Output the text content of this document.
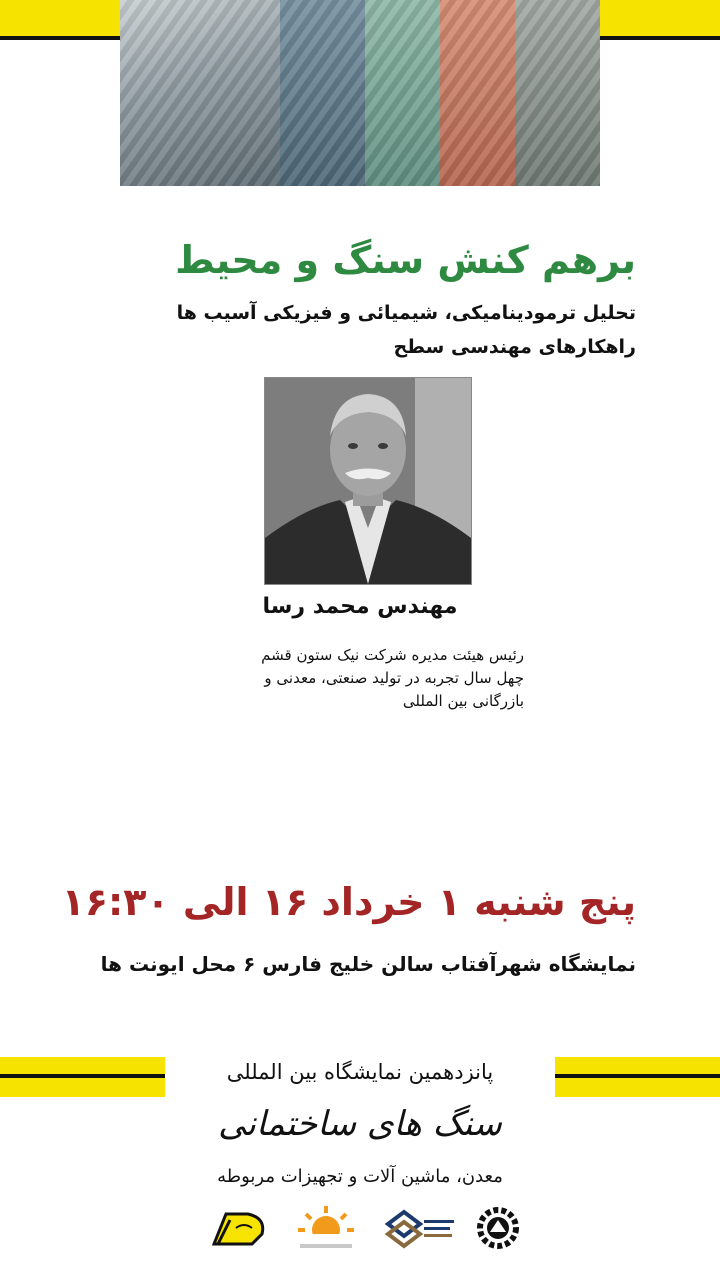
برهم کنش سنگ و محیط
تحلیل ترمودینامیکی، شیمیائی و فیزیکی آسیب ها
راهکارهای مهندسی سطح
مهندس محمد رسا
رئیس هیئت مدیره شرکت نیک ستون قشم
چهل سال تجربه در تولید صنعتی، معدنی و
بازرگانی بین المللی
پنج شنبه ۱ خرداد ۱۶ الی ۱۶:۳۰
نمایشگاه شهرآفتاب سالن خلیج فارس ۶ محل ایونت ها
پانزدهمین نمایشگاه بین المللی
سنگ های ساختمانی
معدن، ماشین آلات و تجهیزات مربوطه
